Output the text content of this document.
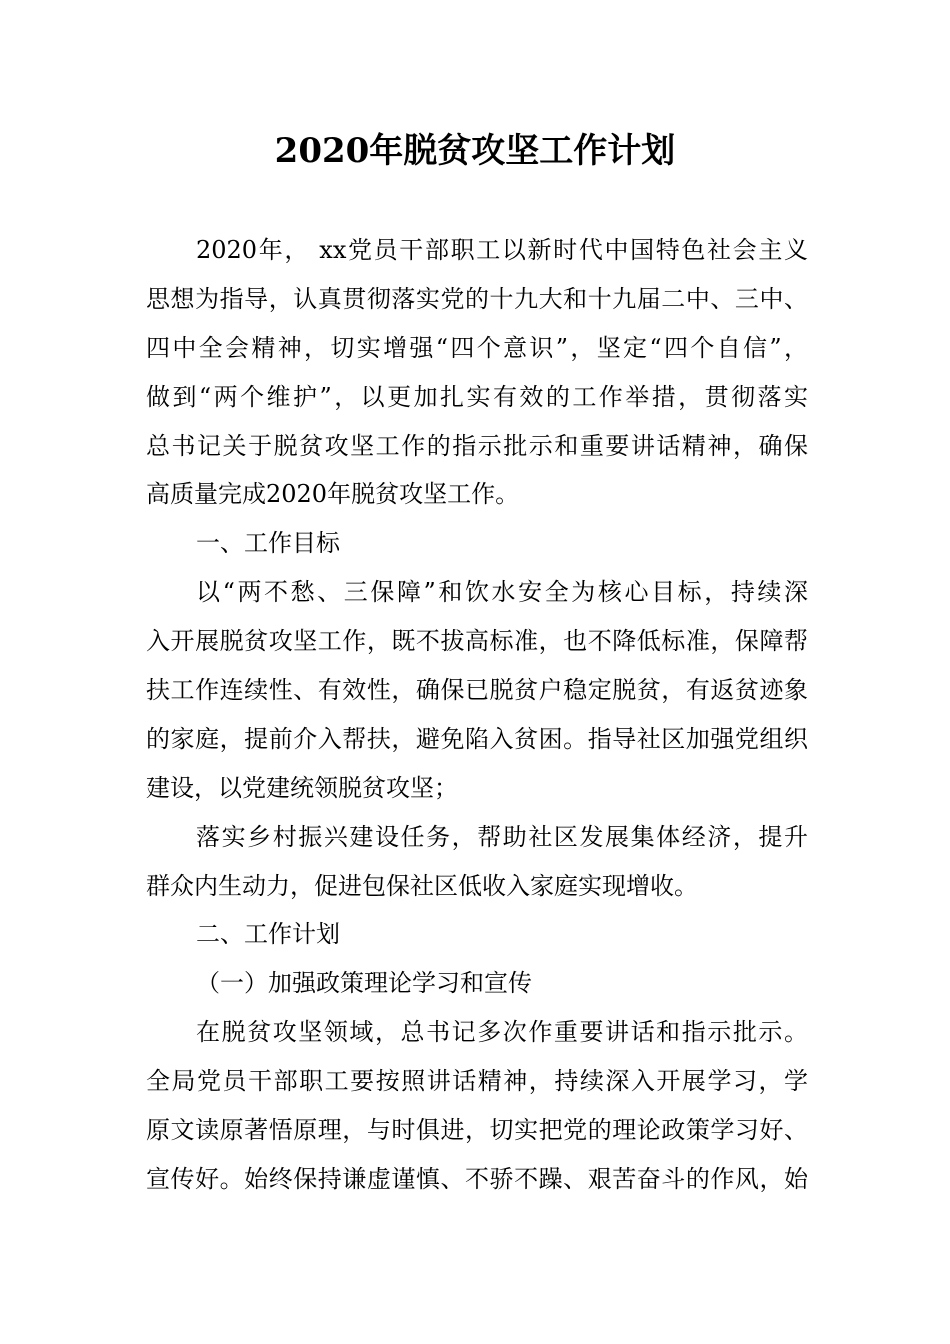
2020年脱贫攻坚工作计划
2020年， xx党员干部职工以新时代中国特色社会主义
思想为指导，认真贯彻落实党的十九大和十九届二中、三中、
四中全会精神，切实增强“四个意识”，坚定“四个自信”，
做到“两个维护”，以更加扎实有效的工作举措，贯彻落实
总书记关于脱贫攻坚工作的指示批示和重要讲话精神，确保
高质量完成2020年脱贫攻坚工作。
一、工作目标
以“两不愁、三保障”和饮水安全为核心目标，持续深
入开展脱贫攻坚工作，既不拔高标准，也不降低标准，保障帮
扶工作连续性、有效性，确保已脱贫户稳定脱贫，有返贫迹象
的家庭，提前介入帮扶，避免陷入贫困。指导社区加强党组织
建设，以党建统领脱贫攻坚；
落实乡村振兴建设任务，帮助社区发展集体经济，提升
群众内生动力，促进包保社区低收入家庭实现增收。
二、工作计划
（一）加强政策理论学习和宣传
在脱贫攻坚领域，总书记多次作重要讲话和指示批示。
全局党员干部职工要按照讲话精神，持续深入开展学习，学
原文读原著悟原理，与时俱进，切实把党的理论政策学习好、
宣传好。始终保持谦虚谨慎、不骄不躁、艰苦奋斗的作风，始
